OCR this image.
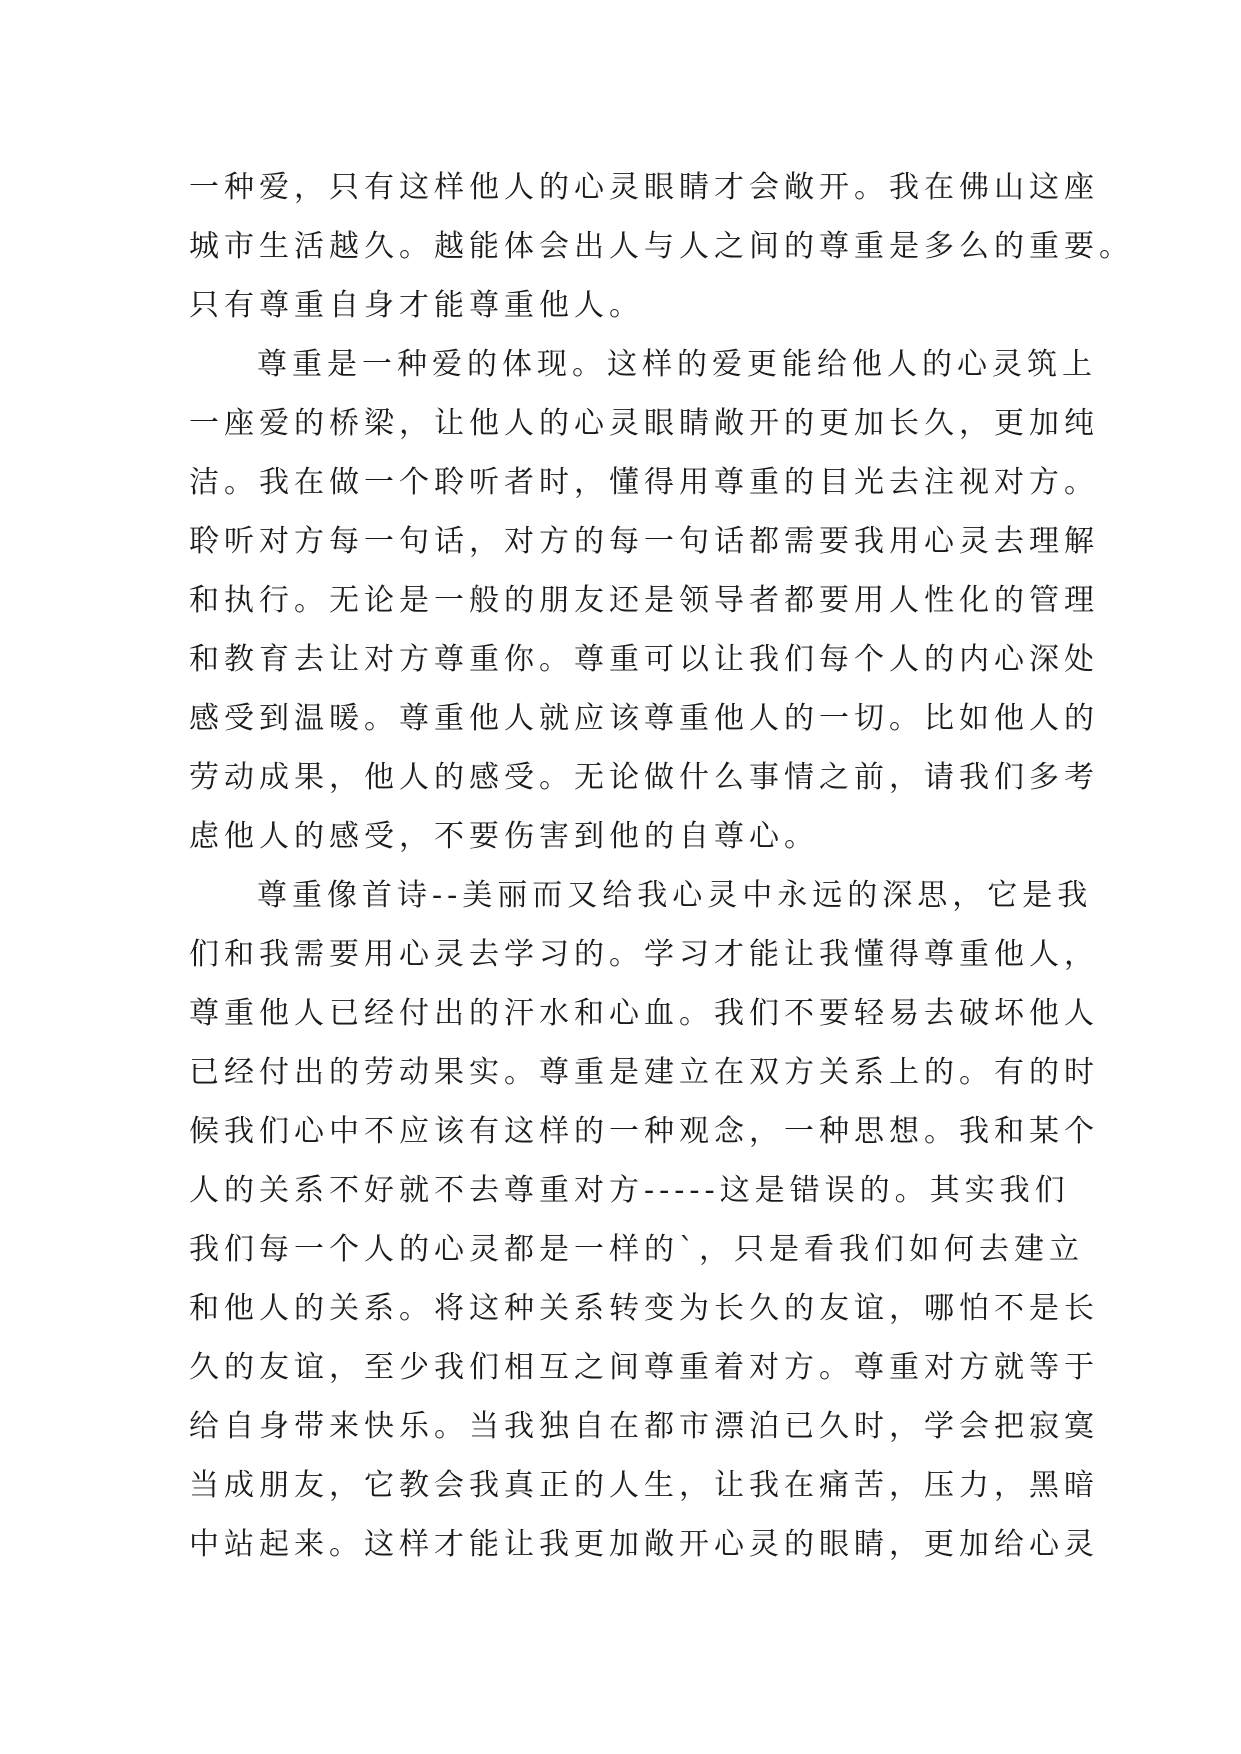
一种爱，只有这样他人的心灵眼睛才会敞开。我在佛山这座
城市生活越久。越能体会出人与人之间的尊重是多么的重要。
只有尊重自身才能尊重他人。
尊重是一种爱的体现。这样的爱更能给他人的心灵筑上
一座爱的桥梁，让他人的心灵眼睛敞开的更加长久，更加纯
洁。我在做一个聆听者时，懂得用尊重的目光去注视对方。
聆听对方每一句话，对方的每一句话都需要我用心灵去理解
和执行。无论是一般的朋友还是领导者都要用人性化的管理
和教育去让对方尊重你。尊重可以让我们每个人的内心深处
感受到温暖。尊重他人就应该尊重他人的一切。比如他人的
劳动成果，他人的感受。无论做什么事情之前，请我们多考
虑他人的感受，不要伤害到他的自尊心。
尊重像首诗--美丽而又给我心灵中永远的深思，它是我
们和我需要用心灵去学习的。学习才能让我懂得尊重他人，
尊重他人已经付出的汗水和心血。我们不要轻易去破坏他人
已经付出的劳动果实。尊重是建立在双方关系上的。有的时
候我们心中不应该有这样的一种观念，一种思想。我和某个
人的关系不好就不去尊重对方-----这是错误的。其实我们
我们每一个人的心灵都是一样的`，只是看我们如何去建立
和他人的关系。将这种关系转变为长久的友谊，哪怕不是长
久的友谊，至少我们相互之间尊重着对方。尊重对方就等于
给自身带来快乐。当我独自在都市漂泊已久时，学会把寂寞
当成朋友，它教会我真正的人生，让我在痛苦，压力，黑暗
中站起来。这样才能让我更加敞开心灵的眼睛，更加给心灵
